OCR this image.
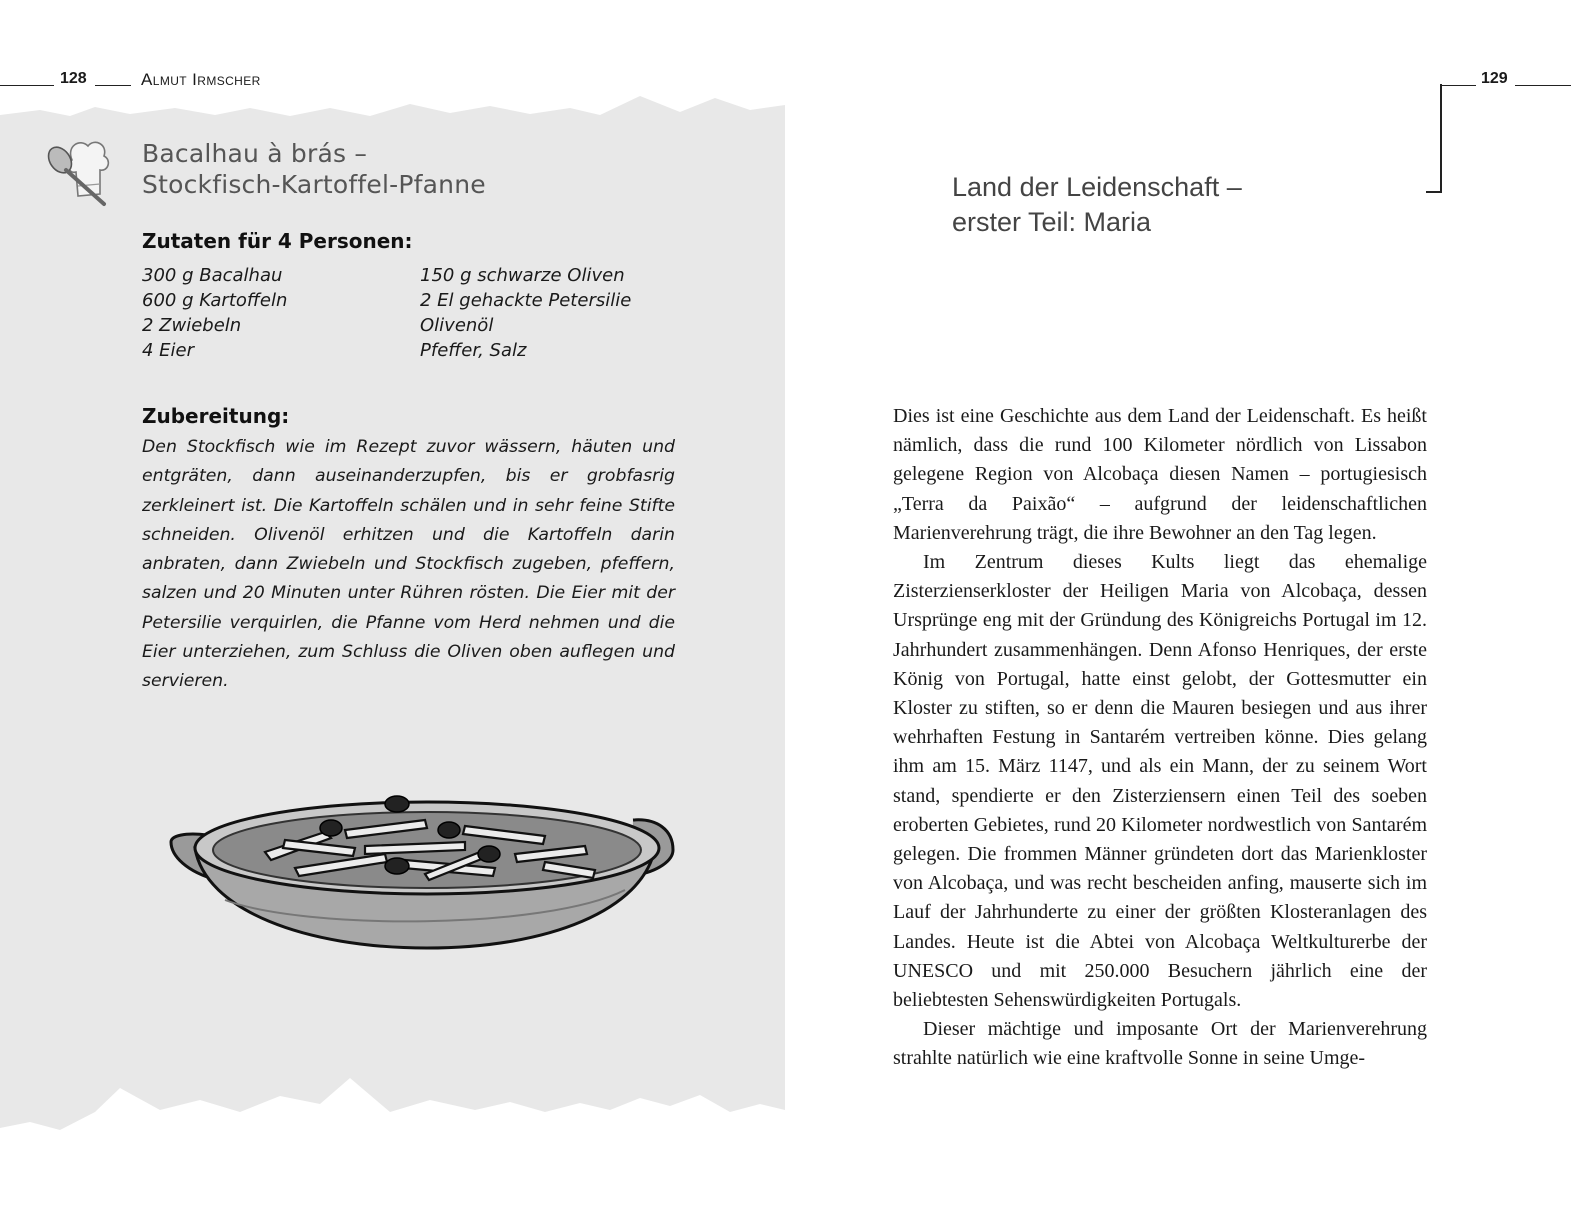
128	Almut Irmscher
Bacalhau à brás –
Stockfisch-Kartoffel-Pfanne
Zutaten für 4 Personen:
300 g Bacalhau	150 g schwarze Oliven
600 g Kartoffeln	2 El gehackte Petersilie
2 Zwiebeln	Olivenöl
4 Eier	Pfeffer, Salz
Zubereitung:
Den Stockfisch wie im Rezept zuvor wässern, häuten und entgräten, dann auseinanderzupfen, bis er grobfasrig zerkleinert ist. Die Kartoffeln schälen und in sehr feine Stifte schneiden. Olivenöl erhitzen und die Kartoffeln darin anbraten, dann Zwiebeln und Stockfisch zugeben, pfeffern, salzen und 20 Minuten unter Rühren rösten. Die Eier mit der Petersilie verquirlen, die Pfanne vom Herd nehmen und die Eier unterziehen, zum Schluss die Oliven oben auflegen und servieren.
129
Land der Leidenschaft –
erster Teil: Maria

Dies ist eine Geschichte aus dem Land der Leidenschaft. Es heißt nämlich, dass die rund 100 Kilometer nördlich von Lissabon gelegene Region von Alcobaça diesen Namen – portugiesisch „Terra da Paixão“ – aufgrund der leidenschaftlichen Marienverehrung trägt, die ihre Bewohner an den Tag legen.

Im Zentrum dieses Kults liegt das ehemalige Zisterzienserkloster der Heiligen Maria von Alcobaça, dessen Ursprünge eng mit der Gründung des Königreichs Portugal im 12. Jahrhundert zusammenhängen. Denn Afonso Henriques, der erste König von Portugal, hatte einst gelobt, der Gottesmutter ein Kloster zu stiften, so er denn die Mauren besiegen und aus ihrer wehrhaften Festung in Santarém vertreiben könne. Dies gelang ihm am 15. März 1147, und als ein Mann, der zu seinem Wort stand, spendierte er den Zisterziensern einen Teil des soeben eroberten Gebietes, rund 20 Kilometer nordwestlich von Santarém gelegen. Die frommen Männer gründeten dort das Marienkloster von Alcobaça, und was recht bescheiden anfing, mauserte sich im Lauf der Jahrhunderte zu einer der größten Klosteranlagen des Landes. Heute ist die Abtei von Alcobaça Weltkulturerbe der UNESCO und mit 250.000 Besuchern jährlich eine der beliebtesten Sehenswürdigkeiten Portugals.

Dieser mächtige und imposante Ort der Marienverehrung strahlte natürlich wie eine kraftvolle Sonne in seine Umge-
